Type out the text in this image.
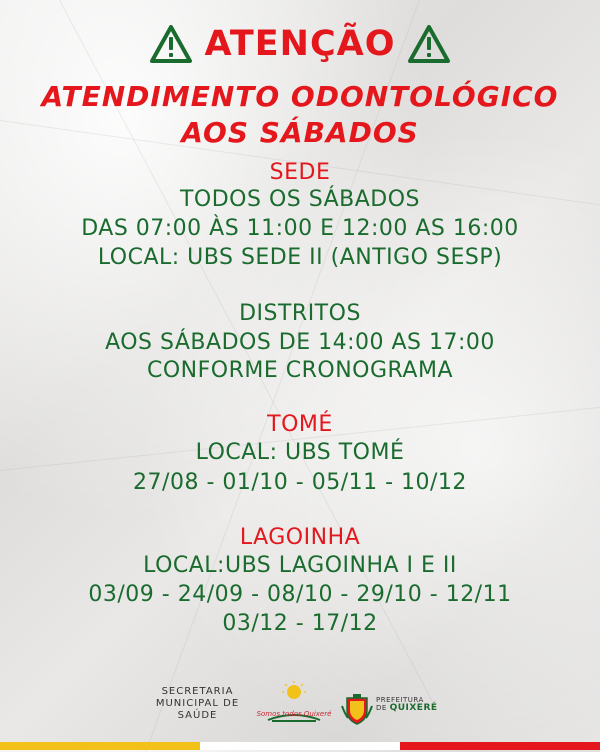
ATENÇÃO
ATENDIMENTO ODONTOLÓGICO
AOS SÁBADOS
SEDE
TODOS OS SÁBADOS
DAS 07:00 ÀS 11:00 E 12:00 AS 16:00
LOCAL: UBS SEDE II (ANTIGO SESP)
DISTRITOS
AOS SÁBADOS DE 14:00 AS 17:00
CONFORME CRONOGRAMA
TOMÉ
LOCAL: UBS TOMÉ
27/08 - 01/10 - 05/11 - 10/12
LAGOINHA
LOCAL:UBS LAGOINHA I E II
03/09 - 24/09 - 08/10 - 29/10 - 12/11
03/12 - 17/12
SECRETARIA MUNICIPAL DE SAÚDE	Somos todos Quixeré
PREFEITURA
DE QUIXERÉ
